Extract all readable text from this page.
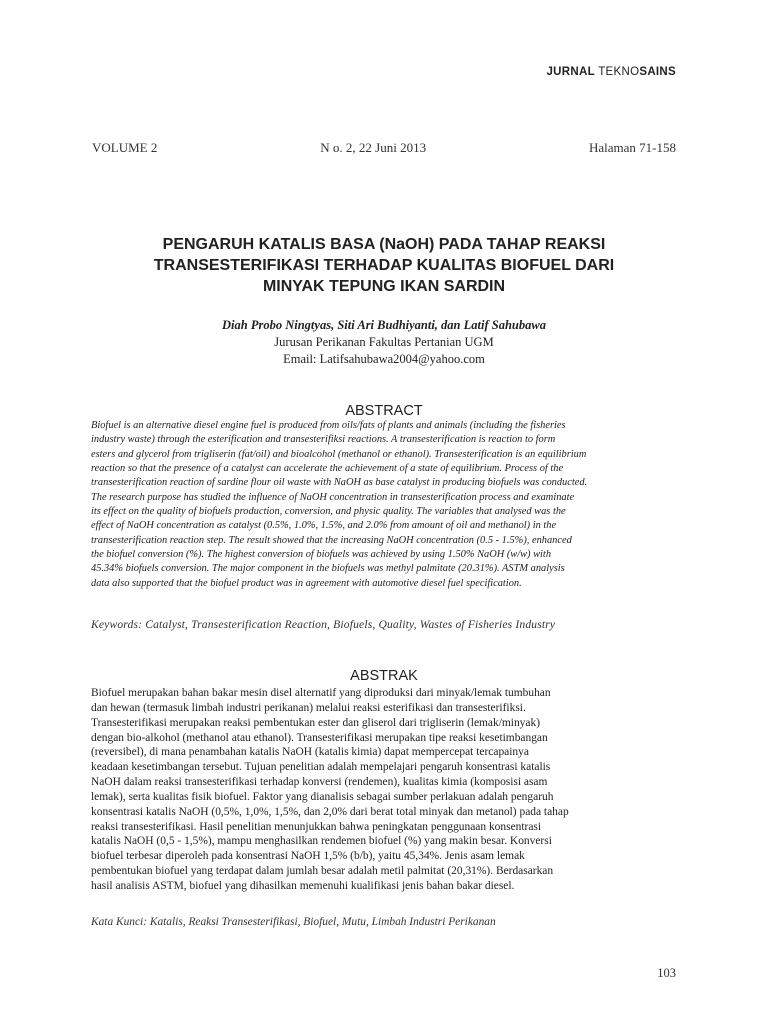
JURNAL TEKNOSAINS
VOLUME 2	N o. 2, 22 Juni 2013	Halaman 71-158
PENGARUH KATALIS BASA (NaOH) PADA TAHAP REAKSI
TRANSESTERIFIKASI TERHADAP KUALITAS BIOFUEL DARI
MINYAK TEPUNG IKAN SARDIN
Diah Probo Ningtyas, Siti Ari Budhiyanti, dan Latif Sahubawa
Jurusan Perikanan Fakultas Pertanian UGM
Email: Latifsahubawa2004@yahoo.com
ABSTRACT
Biofuel is an alternative diesel engine fuel is produced from oils/fats of plants and animals (including the fisheries
industry waste) through the esterification and transesterifiksi reactions. A transesterification is reaction to form
esters and glycerol from trigliserin (fat/oil) and bioalcohol (methanol or ethanol). Transesterification is an equilibrium
reaction so that the presence of a catalyst can accelerate the achievement of a state of equilibrium. Process of the
transesterification reaction of sardine flour oil waste with NaOH as base catalyst in producing biofuels was conducted.
The research purpose has studied the influence of NaOH concentration in transesterification process and examinate
its effect on the quality of biofuels production, conversion, and physic quality. The variables that analysed was the
effect of NaOH concentration as catalyst (0.5%, 1.0%, 1.5%, and 2.0% from amount of oil and methanol) in the
transesterification reaction step. The result showed that the increasing NaOH concentration (0.5 - 1.5%), enhanced
the biofuel conversion (%). The highest conversion of biofuels was achieved by using 1.50% NaOH (w/w) with
45.34% biofuels conversion. The major component in the biofuels was methyl palmitate (20.31%). ASTM analysis
data also supported that the biofuel product was in agreement with automotive diesel fuel specification.
Keywords: Catalyst, Transesterification Reaction, Biofuels, Quality, Wastes of Fisheries Industry
ABSTRAK
Biofuel merupakan bahan bakar mesin disel alternatif yang diproduksi dari minyak/lemak tumbuhan
dan hewan (termasuk limbah industri perikanan) melalui reaksi esterifikasi dan transesterifiksi.
Transesterifikasi merupakan reaksi pembentukan ester dan gliserol dari trigliserin (lemak/minyak)
dengan bio-alkohol (methanol atau ethanol). Transesterifikasi merupakan tipe reaksi kesetimbangan
(reversibel), di mana penambahan katalis NaOH (katalis kimia) dapat mempercepat tercapainya
keadaan kesetimbangan tersebut. Tujuan penelitian adalah mempelajari pengaruh konsentrasi katalis
NaOH dalam reaksi transesterifikasi terhadap konversi (rendemen), kualitas kimia (komposisi asam
lemak), serta kualitas fisik biofuel. Faktor yang dianalisis sebagai sumber perlakuan adalah pengaruh
konsentrasi katalis NaOH (0,5%, 1,0%, 1,5%, dan 2,0% dari berat total minyak dan metanol) pada tahap
reaksi transesterifikasi. Hasil penelitian menunjukkan bahwa peningkatan penggunaan konsentrasi
katalis NaOH (0,5 - 1,5%), mampu menghasilkan rendemen biofuel (%) yang makin besar. Konversi
biofuel terbesar diperoleh pada konsentrasi NaOH 1,5% (b/b), yaitu 45,34%. Jenis asam lemak
pembentukan biofuel yang terdapat dalam jumlah besar adalah metil palmitat (20,31%). Berdasarkan
hasil analisis ASTM, biofuel yang dihasilkan memenuhi kualifikasi jenis bahan bakar diesel.
Kata Kunci: Katalis, Reaksi Transesterifikasi, Biofuel, Mutu, Limbah Industri Perikanan
103
